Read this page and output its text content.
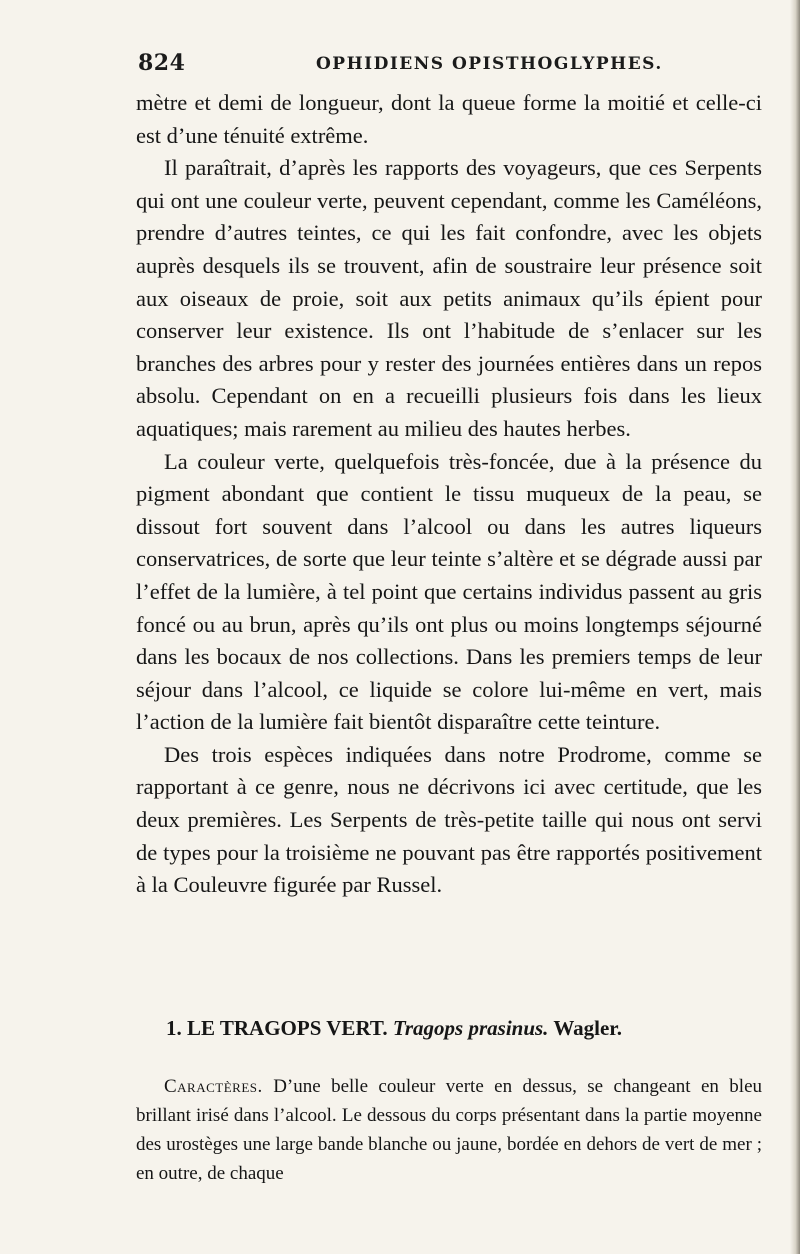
824	OPHIDIENS OPISTHOGLYPHES.

mètre et demi de longueur, dont la queue forme la moitié et celle-ci est d’une ténuité extrême.

Il paraîtrait, d’après les rapports des voyageurs, que ces Serpents qui ont une couleur verte, peuvent cependant, comme les Caméléons, prendre d’autres teintes, ce qui les fait confondre, avec les objets auprès desquels ils se trouvent, afin de soustraire leur présence soit aux oiseaux de proie, soit aux petits animaux qu’ils épient pour conserver leur existence. Ils ont l’habitude de s’enlacer sur les branches des arbres pour y rester des journées entières dans un repos absolu. Cependant on en a recueilli plusieurs fois dans les lieux aquatiques; mais rarement au milieu des hautes herbes.

La couleur verte, quelquefois très-foncée, due à la présence du pigment abondant que contient le tissu muqueux de la peau, se dissout fort souvent dans l’alcool ou dans les autres liqueurs conservatrices, de sorte que leur teinte s’altère et se dégrade aussi par l’effet de la lumière, à tel point que certains individus passent au gris foncé ou au brun, après qu’ils ont plus ou moins longtemps séjourné dans les bocaux de nos collections. Dans les premiers temps de leur séjour dans l’alcool, ce liquide se colore lui-même en vert, mais l’action de la lumière fait bientôt disparaître cette teinture.

Des trois espèces indiquées dans notre Prodrome, comme se rapportant à ce genre, nous ne décrivons ici avec certitude, que les deux premières. Les Serpents de très-petite taille qui nous ont servi de types pour la troisième ne pouvant pas être rapportés positivement à la Couleuvre figurée par Russel.

1. LE TRAGOPS VERT. Tragops prasinus. Wagler.

Caractères. D’une belle couleur verte en dessus, se changeant en bleu brillant irisé dans l’alcool. Le dessous du corps présentant dans la partie moyenne des urostèges une large bande blanche ou jaune, bordée en dehors de vert de mer ; en outre, de chaque
